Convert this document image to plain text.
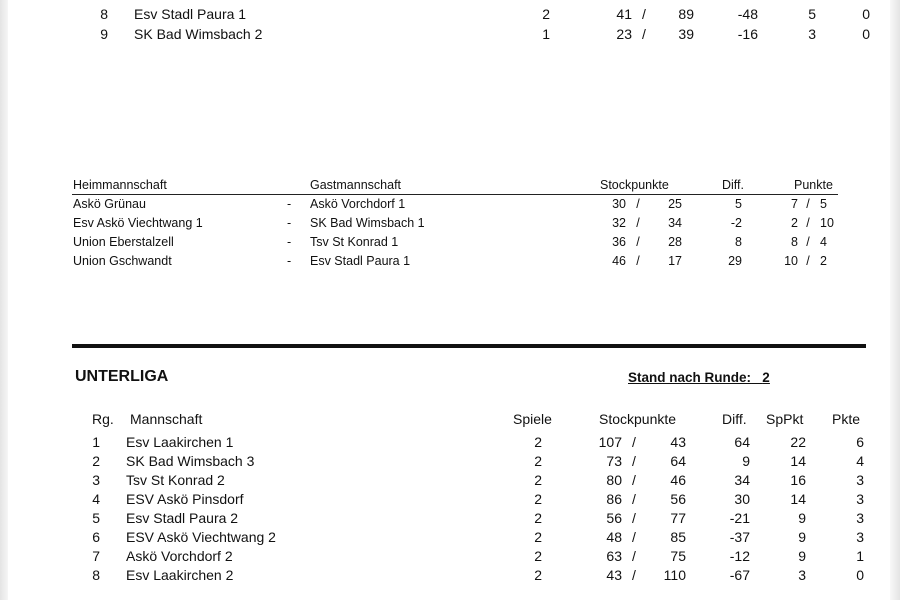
8 Esv Stadl Paura 1	2	41 /	89	-48	5	0
9 SK Bad Wimsbach 2	1	23 /	39	-16	3	0
Heimmannschaft	Gastmannschaft	Stockpunkte	Diff.	Punkte
Askö Grünau	- Askö Vorchdorf 1	30 /	25	5	7 / 5
Esv Askö Viechtwang 1	- SK Bad Wimsbach 1	32 /	34	-2	2 / 10
Union Eberstalzell	- Tsv St Konrad 1	36 /	28	8	8 / 4
Union Gschwandt	- Esv Stadl Paura 1	46 /	17	29	10 / 2
UNTERLIGA	Stand nach Runde: 2
Rg. Mannschaft	Spiele	Stockpunkte	Diff. SpPkt Pkte
1 Esv Laakirchen 1	2	107 /	43	64	22	6
2 SK Bad Wimsbach 3	2	73 /	64	9	14	4
3 Tsv St Konrad 2	2	80 /	46	34	16	3
4 ESV Askö Pinsdorf	2	86 /	56	30	14	3
5 Esv Stadl Paura 2	2	56 /	77	-21	9	3
6 ESV Askö Viechtwang 2	2	48 /	85	-37	9	3
7 Askö Vorchdorf 2	2	63 /	75	-12	9	1
8 Esv Laakirchen 2	2	43 /	110	-67	3	0
